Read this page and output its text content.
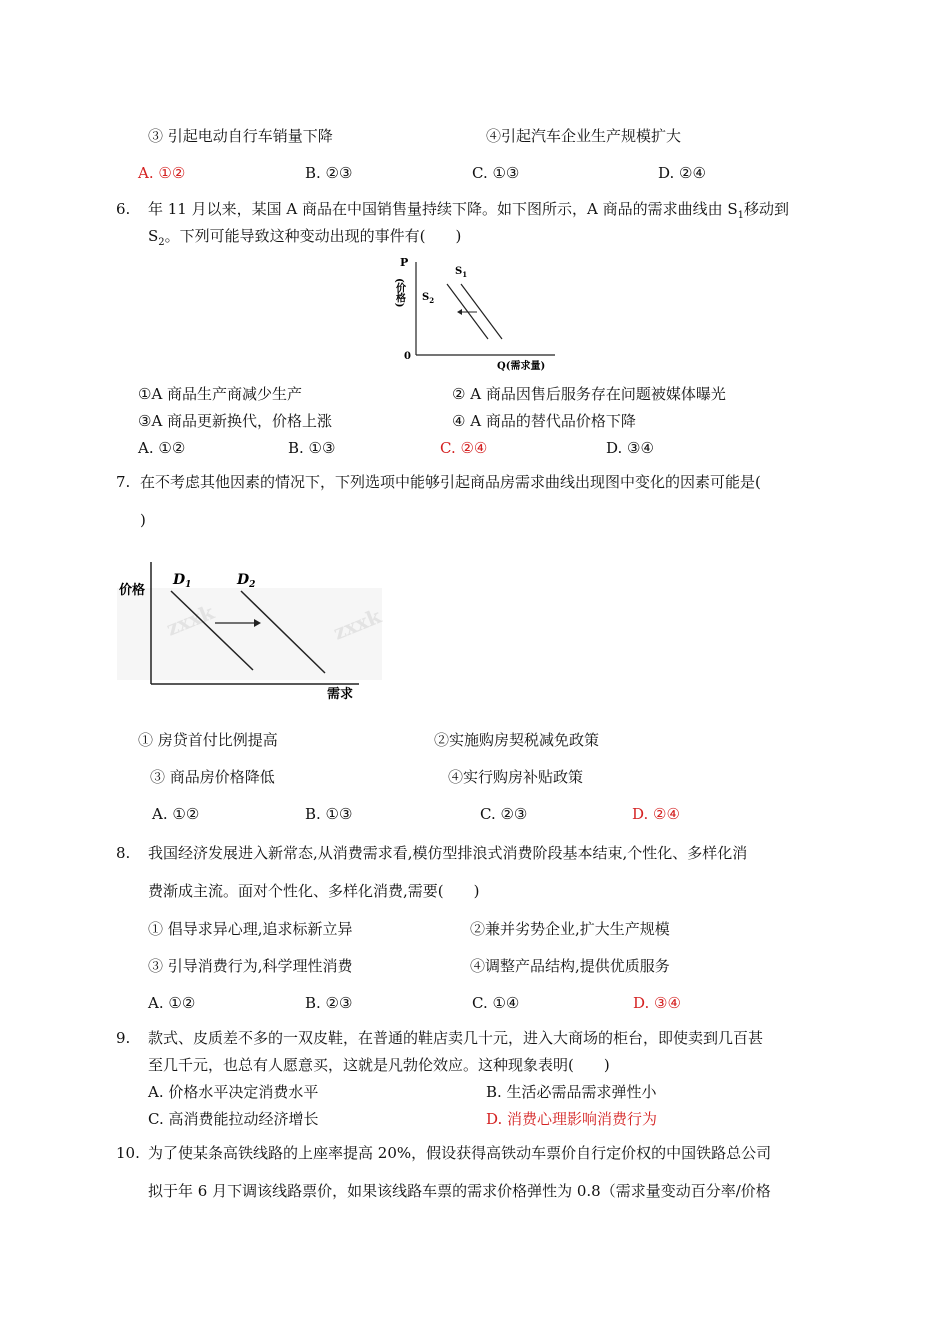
③ 引起电动自行车销量下降	④引起汽车企业生产规模扩大
A. ①②	B. ②③	C. ①③	D. ②④
6. 年 11 月以来，某国 A 商品在中国销售量持续下降。如下图所示，A 商品的需求曲线由 $S_1$移动到
$S_2$。下列可能导致这种变动出现的事件有(　　)
P
(价格)
0
$S_1$
$S_2$
Q(需求量)
①A 商品生产商减少生产	② A 商品因售后服务存在问题被媒体曝光
③A 商品更新换代，价格上涨	④ A 商品的替代品价格下降
A. ①②	B. ①③	C. ②④	D. ③④
7. 在不考虑其他因素的情况下，下列选项中能够引起商品房需求曲线出现图中变化的因素可能是(
)
zxxk	zxxk
价格
$D_1$	$D_2$
需求
① 房贷首付比例提高	②实施购房契税减免政策
③ 商品房价格降低	④实行购房补贴政策
A. ①②	B. ①③	C. ②③	D. ②④
8. 我国经济发展进入新常态,从消费需求看,模仿型排浪式消费阶段基本结束,个性化、多样化消
费渐成主流。面对个性化、多样化消费,需要(　　)
① 倡导求异心理,追求标新立异	②兼并劣势企业,扩大生产规模
③ 引导消费行为,科学理性消费	④调整产品结构,提供优质服务
A. ①②	B. ②③	C. ①④	D. ③④
9. 款式、皮质差不多的一双皮鞋，在普通的鞋店卖几十元，进入大商场的柜台，即使卖到几百甚
至几千元，也总有人愿意买，这就是凡勃伦效应。这种现象表明(　　)
A. 价格水平决定消费水平	B. 生活必需品需求弹性小
C. 高消费能拉动经济增长	D. 消费心理影响消费行为
10. 为了使某条高铁线路的上座率提高 20%，假设获得高铁动车票价自行定价权的中国铁路总公司
拟于年 6 月下调该线路票价，如果该线路车票的需求价格弹性为 0.8（需求量变动百分率/价格
